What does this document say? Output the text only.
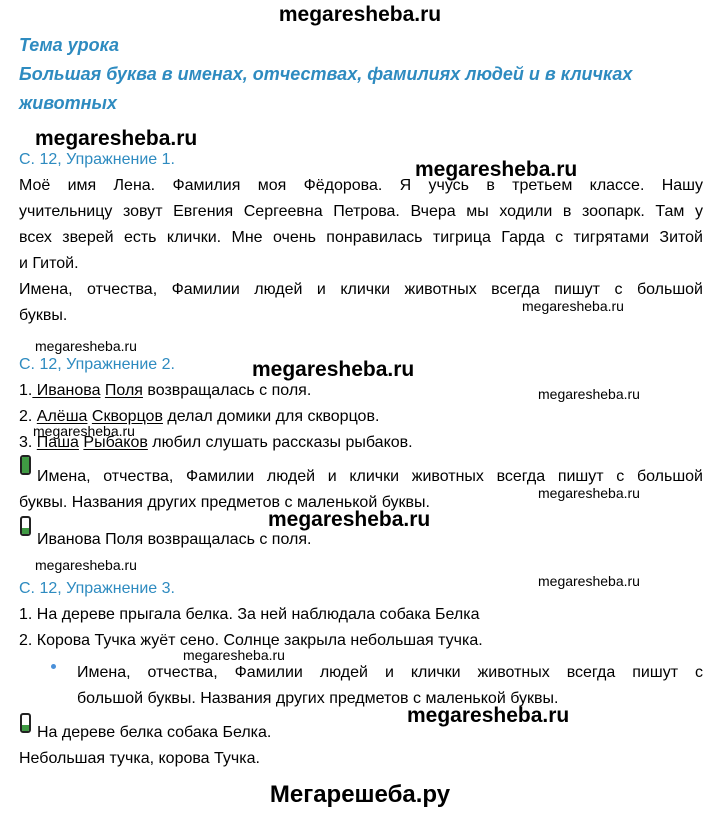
megaresheba.ru
megaresheba.ru
megaresheba.ru
megaresheba.ru
megaresheba.ru
megaresheba.ru
megaresheba.ru
megaresheba.ru
megaresheba.ru
megaresheba.ru
megaresheba.ru
megaresheba.ru
megaresheba.ru
megaresheba.ru
Мегарешеба.ру
Тема урока
Большая буква в именах, отчествах, фамилиях людей и в кличках
животных
С. 12, Упражнение 1.
Моё имя Лена. Фамилия моя Фёдорова. Я учусь в третьем классе. Нашу
учительницу зовут Евгения Сергеевна Петрова. Вчера мы ходили в зоопарк. Там у
всех зверей есть клички. Мне очень понравилась тигрица Гарда с тигрятами Зитой
и Гитой.
Имена, отчества, Фамилии людей и клички животных всегда пишут с большой
буквы.
С. 12, Упражнение 2.
1. Иванова Поля возвращалась с поля.
2. Алёша Скворцов делал домики для скворцов.
3. Паша Рыбаков любил слушать рассказы рыбаков.
Имена, отчества, Фамилии людей и клички животных всегда пишут с большой
буквы. Названия других предметов с маленькой буквы.
Иванова Поля возвращалась с поля.
С. 12, Упражнение 3.
1. На дереве прыгала белка. За ней наблюдала собака Белка
2. Корова Тучка жуёт сено. Солнце закрыла небольшая тучка.
Имена, отчества, Фамилии людей и клички животных всегда пишут с
большой буквы. Названия других предметов с маленькой буквы.
На дереве белка собака Белка.
Небольшая тучка, корова Тучка.
